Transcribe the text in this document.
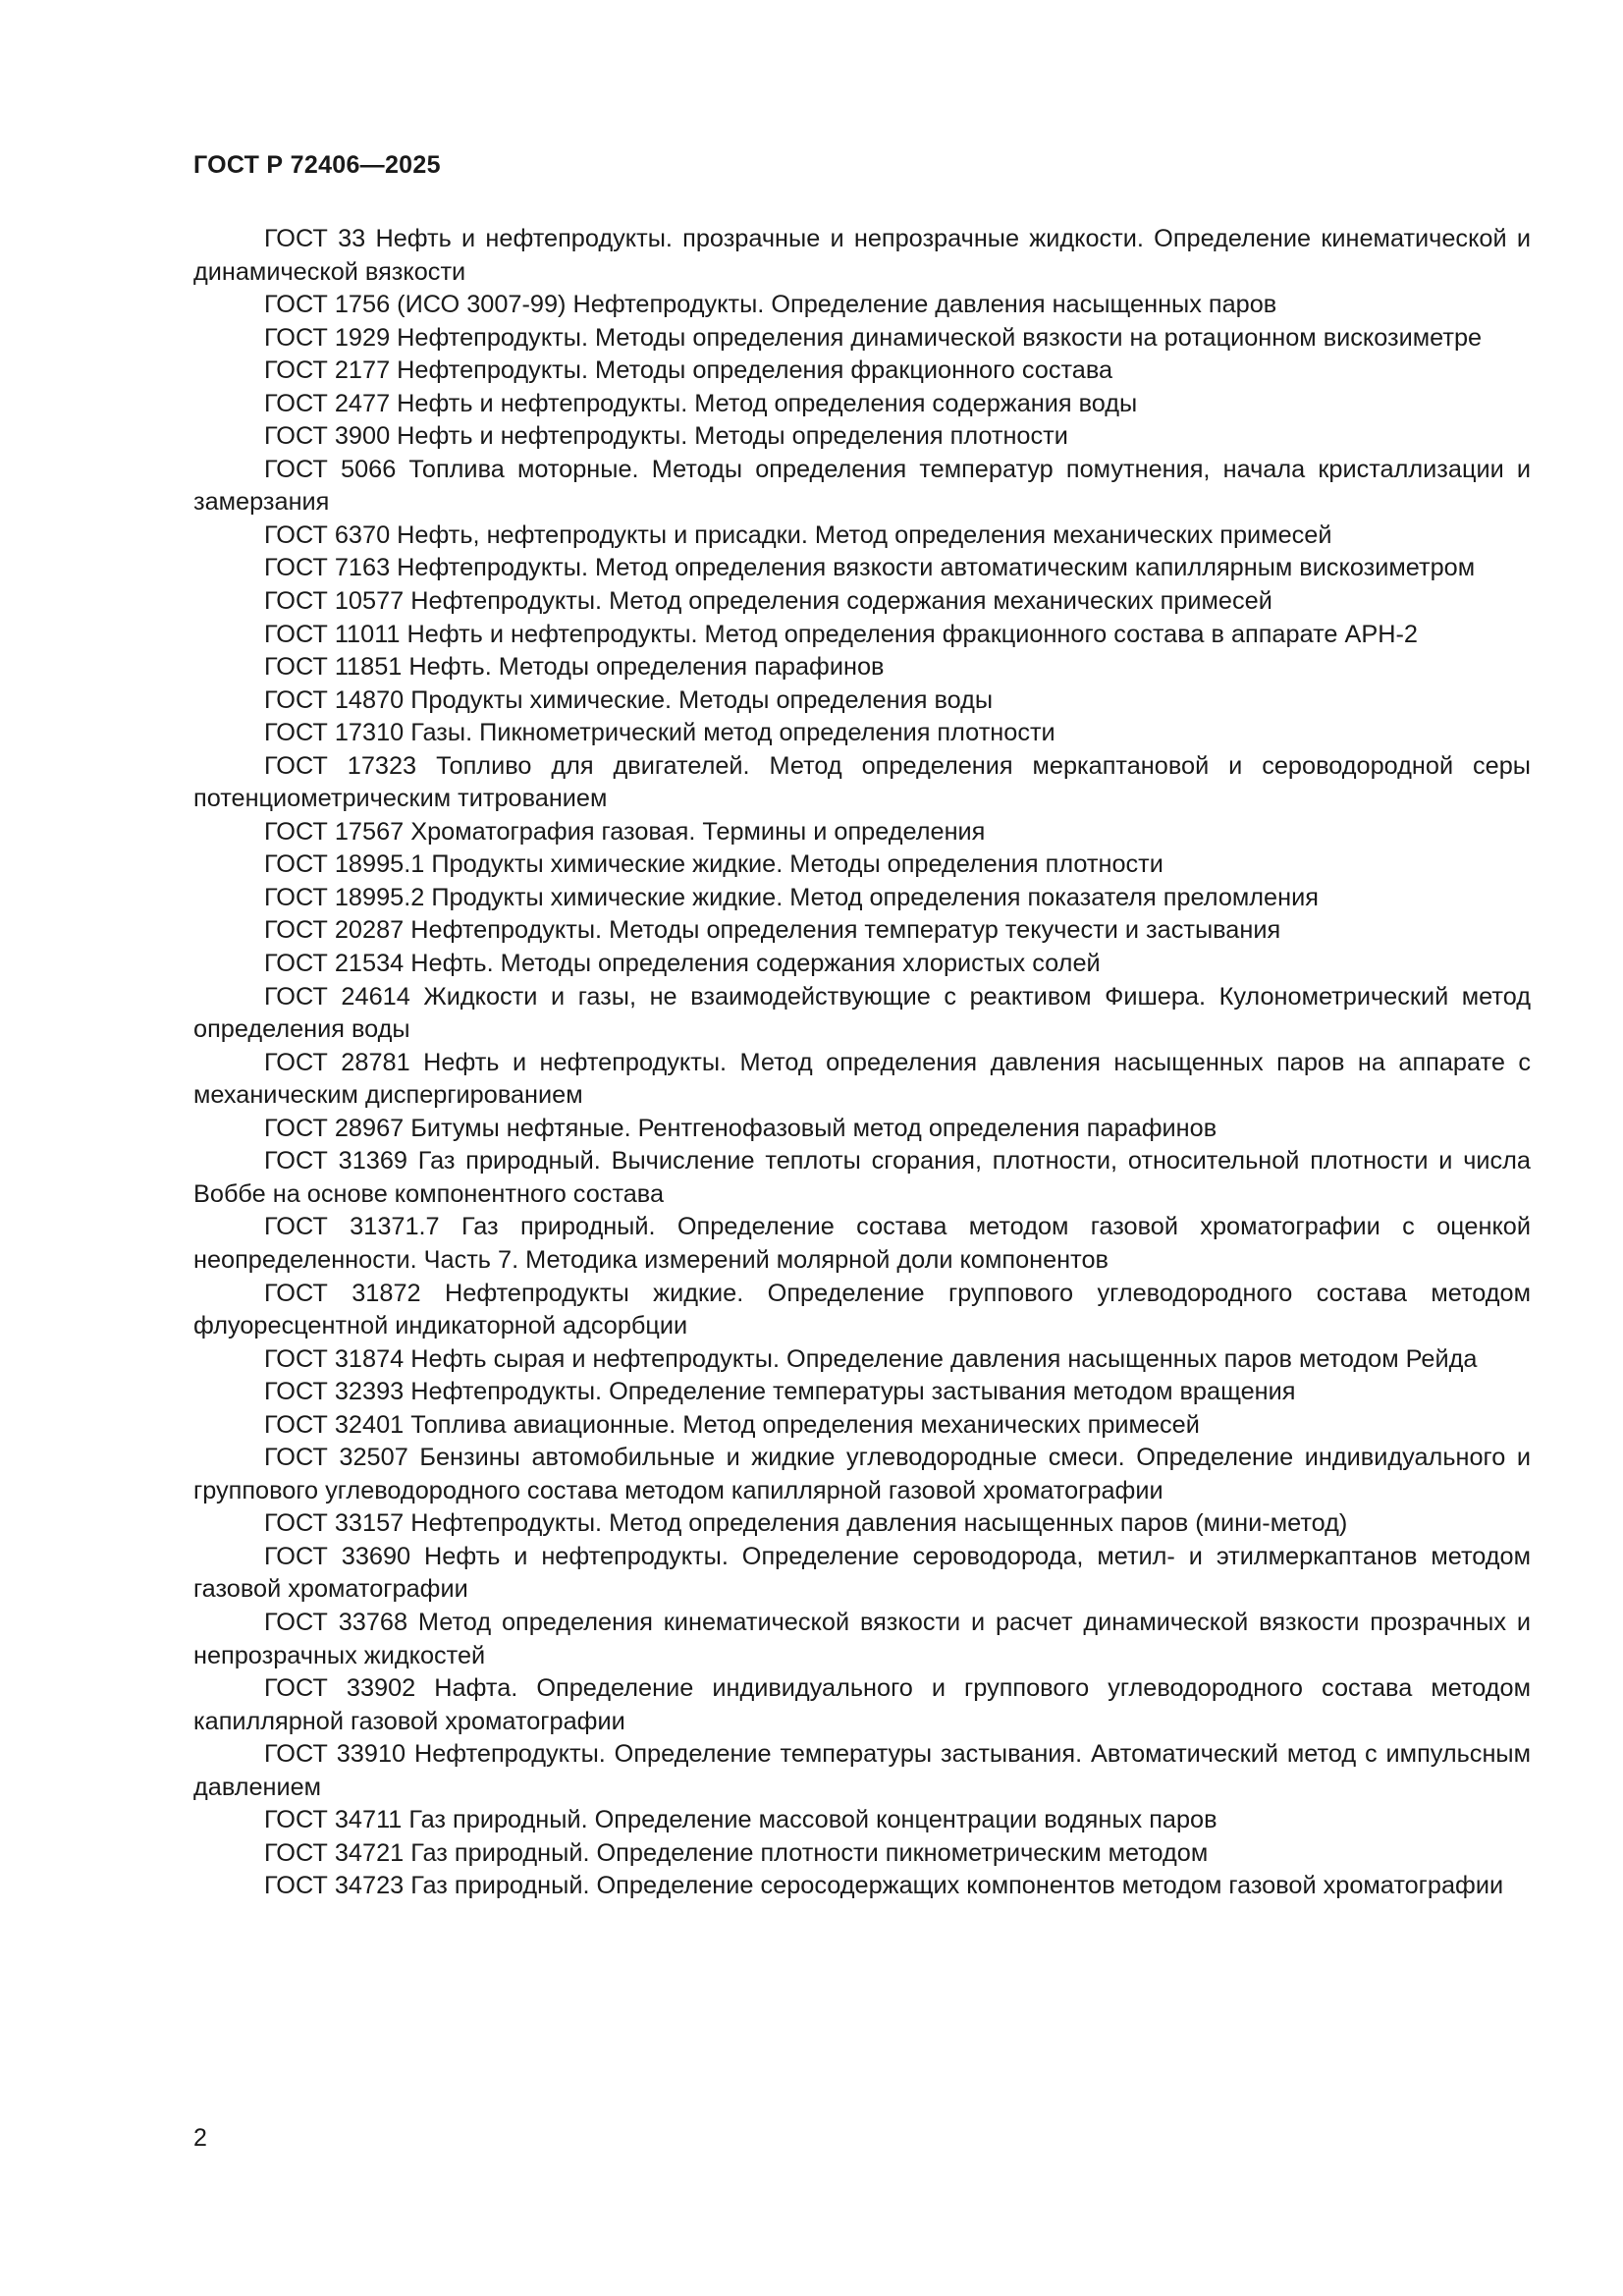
ГОСТ Р 72406—2025
ГОСТ 33 Нефть и нефтепродукты. прозрачные и непрозрачные жидкости. Определение кинематической и динамической вязкости
ГОСТ 1756 (ИСО 3007-99) Нефтепродукты. Определение давления насыщенных паров
ГОСТ 1929 Нефтепродукты. Методы определения динамической вязкости на ротационном вискозиметре
ГОСТ 2177 Нефтепродукты. Методы определения фракционного состава
ГОСТ 2477 Нефть и нефтепродукты. Метод определения содержания воды
ГОСТ 3900 Нефть и нефтепродукты. Методы определения плотности
ГОСТ 5066 Топлива моторные. Методы определения температур помутнения, начала кристаллизации и замерзания
ГОСТ 6370 Нефть, нефтепродукты и присадки. Метод определения механических примесей
ГОСТ 7163 Нефтепродукты. Метод определения вязкости автоматическим капиллярным вискозиметром
ГОСТ 10577 Нефтепродукты. Метод определения содержания механических примесей
ГОСТ 11011 Нефть и нефтепродукты. Метод определения фракционного состава в аппарате АРН-2
ГОСТ 11851 Нефть. Методы определения парафинов
ГОСТ 14870 Продукты химические. Методы определения воды
ГОСТ 17310 Газы. Пикнометрический метод определения плотности
ГОСТ 17323 Топливо для двигателей. Метод определения меркаптановой и сероводородной серы потенциометрическим титрованием
ГОСТ 17567 Хроматография газовая. Термины и определения
ГОСТ 18995.1 Продукты химические жидкие. Методы определения плотности
ГОСТ 18995.2 Продукты химические жидкие. Метод определения показателя преломления
ГОСТ 20287 Нефтепродукты. Методы определения температур текучести и застывания
ГОСТ 21534 Нефть. Методы определения содержания хлористых солей
ГОСТ 24614 Жидкости и газы, не взаимодействующие с реактивом Фишера. Кулонометрический метод определения воды
ГОСТ 28781 Нефть и нефтепродукты. Метод определения давления насыщенных паров на аппарате с механическим диспергированием
ГОСТ 28967 Битумы нефтяные. Рентгенофазовый метод определения парафинов
ГОСТ 31369 Газ природный. Вычисление теплоты сгорания, плотности, относительной плотности и числа Воббе на основе компонентного состава
ГОСТ 31371.7 Газ природный. Определение состава методом газовой хроматографии с оценкой неопределенности. Часть 7. Методика измерений молярной доли компонентов
ГОСТ 31872 Нефтепродукты жидкие. Определение группового углеводородного состава методом флуоресцентной индикаторной адсорбции
ГОСТ 31874 Нефть сырая и нефтепродукты. Определение давления насыщенных паров методом Рейда
ГОСТ 32393 Нефтепродукты. Определение температуры застывания методом вращения
ГОСТ 32401 Топлива авиационные. Метод определения механических примесей
ГОСТ 32507 Бензины автомобильные и жидкие углеводородные смеси. Определение индивидуального и группового углеводородного состава методом капиллярной газовой хроматографии
ГОСТ 33157 Нефтепродукты. Метод определения давления насыщенных паров (мини-метод)
ГОСТ 33690 Нефть и нефтепродукты. Определение сероводорода, метил- и этилмеркаптанов методом газовой хроматографии
ГОСТ 33768 Метод определения кинематической вязкости и расчет динамической вязкости прозрачных и непрозрачных жидкостей
ГОСТ 33902 Нафта. Определение индивидуального и группового углеводородного состава методом капиллярной газовой хроматографии
ГОСТ 33910 Нефтепродукты. Определение температуры застывания. Автоматический метод с импульсным давлением
ГОСТ 34711 Газ природный. Определение массовой концентрации водяных паров
ГОСТ 34721 Газ природный. Определение плотности пикнометрическим методом
ГОСТ 34723 Газ природный. Определение серосодержащих компонентов методом газовой хроматографии
2
